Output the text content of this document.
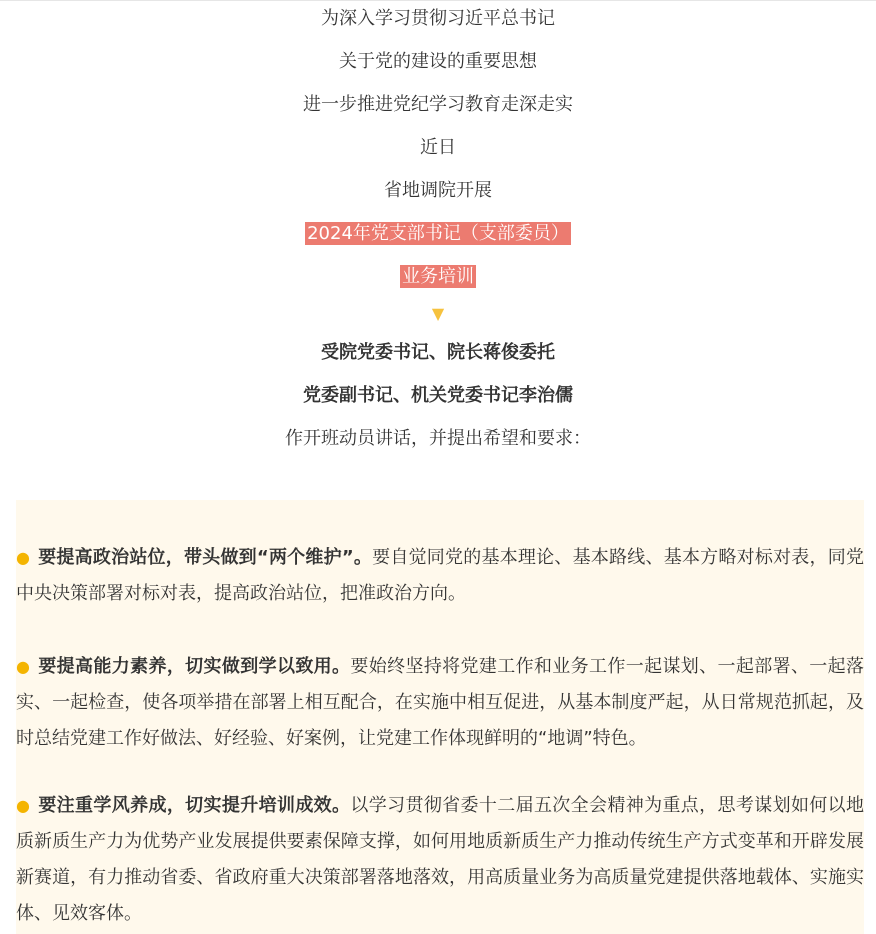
为深入学习贯彻习近平总书记
关于党的建设的重要思想
进一步推进党纪学习教育走深走实
近日
省地调院开展
2024年党支部书记（支部委员）
业务培训
▼
受院党委书记、院长蒋俊委托
党委副书记、机关党委书记李治儒
作开班动员讲话，并提出希望和要求：
● 要提高政治站位，带头做到“两个维护”。要自觉同党的基本理论、基本路线、基本方略对标对表，同党中央决策部署对标对表，提高政治站位，把准政治方向。
● 要提高能力素养，切实做到学以致用。要始终坚持将党建工作和业务工作一起谋划、一起部署、一起落实、一起检查，使各项举措在部署上相互配合，在实施中相互促进，从基本制度严起，从日常规范抓起，及时总结党建工作好做法、好经验、好案例，让党建工作体现鲜明的“地调”特色。
● 要注重学风养成，切实提升培训成效。以学习贯彻省委十二届五次全会精神为重点，思考谋划如何以地质新质生产力为优势产业发展提供要素保障支撑，如何用地质新质生产力推动传统生产方式变革和开辟发展新赛道，有力推动省委、省政府重大决策部署落地落效，用高质量业务为高质量党建提供落地载体、实施实体、见效客体。
